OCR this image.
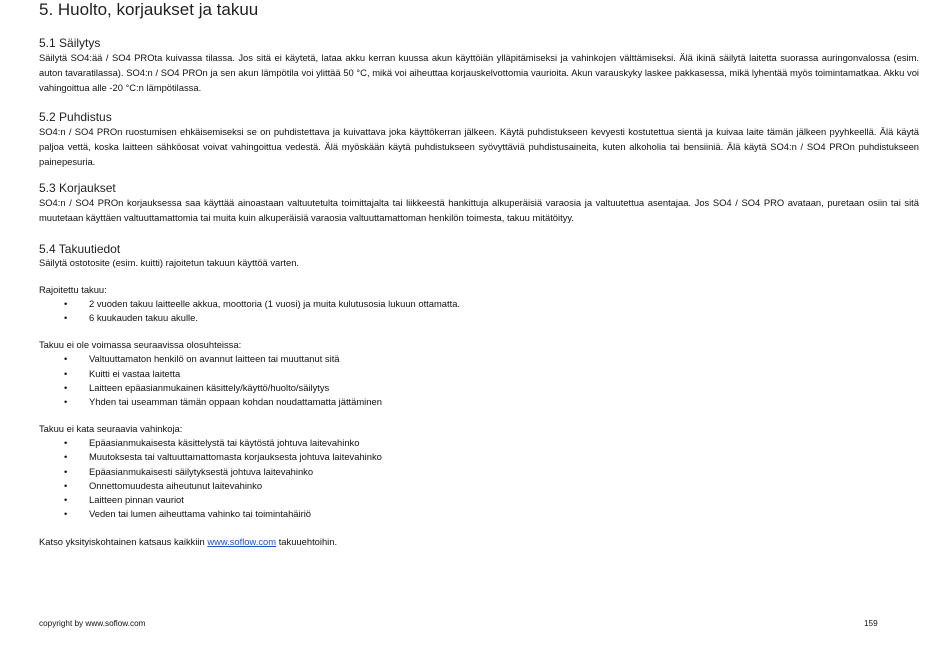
5. Huolto, korjaukset ja takuu
5.1 Säilytys

Säilytä SO4:ää / SO4 PROta kuivassa tilassa. Jos sitä ei käytetä, lataa akku kerran kuussa akun käyttöiän ylläpitämiseksi ja vahinkojen välttämiseksi. Älä ikinä säilytä laitetta suorassa auringonvalossa (esim. auton tavaratilassa). SO4:n / SO4 PROn ja sen akun lämpötila voi ylittää 50 °C, mikä voi aiheuttaa korjauskelvottomia vaurioita. Akun varauskyky laskee pakkasessa, mikä lyhentää myös toimintamatkaa. Akku voi vahingoittua alle -20 °C:n lämpötilassa.

5.2 Puhdistus

SO4:n / SO4 PROn ruostumisen ehkäisemiseksi se on puhdistettava ja kuivattava joka käyttökerran jälkeen. Käytä puhdistukseen kevyesti kostutettua sientä ja kuivaa laite tämän jälkeen pyyhkeellä. Älä käytä paljoa vettä, koska laitteen sähköosat voivat vahingoittua vedestä. Älä myöskään käytä puhdistukseen syövyttäviä puhdistusaineita, kuten alkoholia tai bensiiniä. Älä käytä SO4:n / SO4 PROn puhdistukseen painepesuria.

5.3 Korjaukset

SO4:n / SO4 PROn korjauksessa saa käyttää ainoastaan valtuutetulta toimittajalta tai liikkeestä hankittuja alkuperäisiä varaosia ja valtuutettua asentajaa. Jos SO4 / SO4 PRO avataan, puretaan osiin tai sitä muutetaan käyttäen valtuuttamattomia tai muita kuin alkuperäisiä varaosia valtuuttamattoman henkilön toimesta, takuu mitätöityy.

5.4 Takuutiedot

Säilytä ostotosite (esim. kuitti) rajoitetun takuun käyttöä varten.

Rajoitettu takuu:

• 2 vuoden takuu laitteelle akkua, moottoria (1 vuosi) ja muita kulutusosia lukuun ottamatta.
• 6 kuukauden takuu akulle.

Takuu ei ole voimassa seuraavissa olosuhteissa:

• Valtuuttamaton henkilö on avannut laitteen tai muuttanut sitä
• Kuitti ei vastaa laitetta
• Laitteen epäasianmukainen käsittely/käyttö/huolto/säilytys
• Yhden tai useamman tämän oppaan kohdan noudattamatta jättäminen

Takuu ei kata seuraavia vahinkoja:

• Epäasianmukaisesta käsittelystä tai käytöstä johtuva laitevahinko
• Muutoksesta tai valtuuttamattomasta korjauksesta johtuva laitevahinko
• Epäasianmukaisesti säilytyksestä johtuva laitevahinko
• Onnettomuudesta aiheutunut laitevahinko
• Laitteen pinnan vauriot
• Veden tai lumen aiheuttama vahinko tai toimintahäiriö

Katso yksityiskohtainen katsaus kaikkiin www.soflow.com takuuehtoihin.

copyright by www.soflow.com	159
